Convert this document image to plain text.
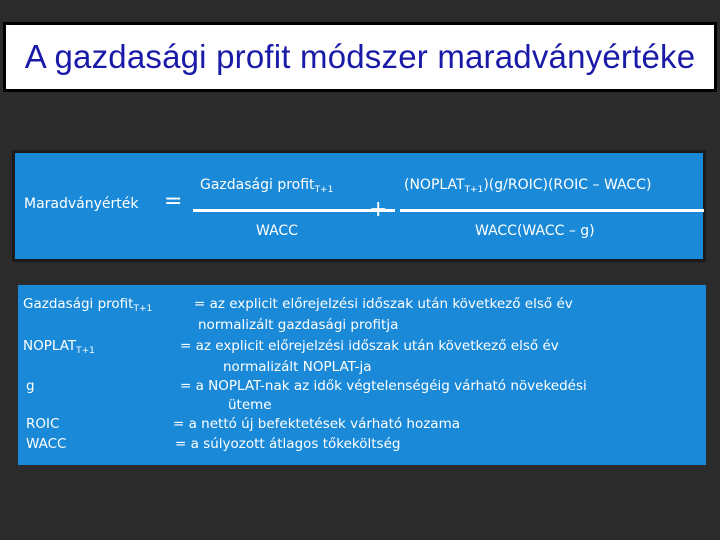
A gazdasági profit módszer maradványértéke
Maradványérték =
Gazdasági profit$_{T+1}$
WACC
+
$(NOPLAT_{T+1})(g/ROIC)(ROIC$ – WACC)
WACC(WACC – g)
Gazdasági profit$_{T+1}$	= az explicit előrejelzési időszak után következő első év
normalizált gazdasági profitja
$NOPLAT_{T+1}$	= az explicit előrejelzési időszak után következő első év
normalizált NOPLAT-ja
g	= a NOPLAT-nak az idők végtelenségéig várható növekedési
üteme
ROIC	= a nettó új befektetések várható hozama
WACC	= a súlyozott átlagos tőkeköltség
